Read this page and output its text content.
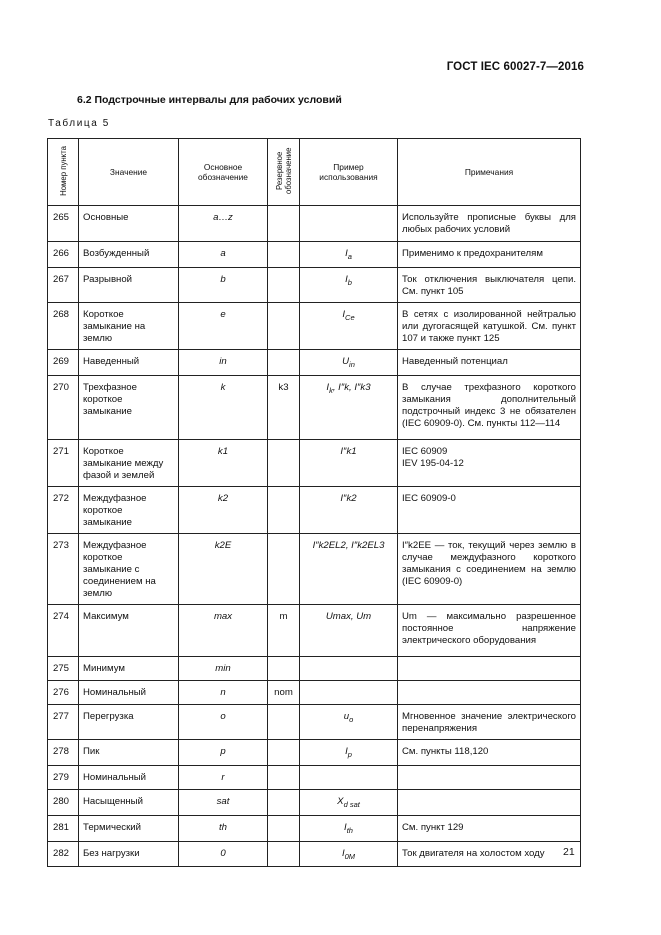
ГОСТ IEC 60027-7—2016
6.2 Подстрочные интервалы для рабочих условий
Таблица 5
Номер пункта	Значение	Основное обозначение	Резервное обозначение	Пример использования	Примечания
265	Основные	a…z			Используйте прописные буквы для любых рабочих условий
266	Возбужденный	a		$I_a$	Применимо к предохранителям
267	Разрывной	b		$I_b$	Ток отключения выключателя цепи. См. пункт 105
268	Короткое замыкание на землю	e		$I_{Ce}$	В сетях с изолированной нейтралью или дугогасящей катушкой. См. пункт 107 и также пункт 125
269	Наведенный	in		$U_{in}$	Наведенный потенциал
270	Трехфазное короткое замыкание	k	k3	$I_k$, I″k, I″k3	В случае трехфазного короткого замыкания дополнительный подстрочный индекс 3 не обязателен (IEC 60909-0). См. пункты 112—114
271	Короткое замыкание между фазой и землей	k1		I″k1	IEC 60909
IEV 195-04-12
272	Междуфазное короткое замыкание	k2		I″k2	IEC 60909-0
273	Междуфазное короткое замыкание с соединением на землю	k2E		I″k2EL2, I″k2EL3	I″k2EE — ток, текущий через землю в случае междуфазного короткого замыкания с соединением на землю (IEC 60909-0)
274	Максимум	max	m	Umax, Um	Um — максимально разрешенное постоянное напряжение электрического оборудования
275	Минимум	min			
276	Номинальный	n	nom		
277	Перегрузка	o		$u_o$	Мгновенное значение электрического перенапряжения
278	Пик	p		$I_p$	См. пункты 118,120
279	Номинальный	r			
280	Насыщенный	sat		$X_{d sat}$	
281	Термический	th		$I_{th}$	См. пункт 129
282	Без нагрузки	0		$I_{0M}$	Ток двигателя на холостом ходу 21
